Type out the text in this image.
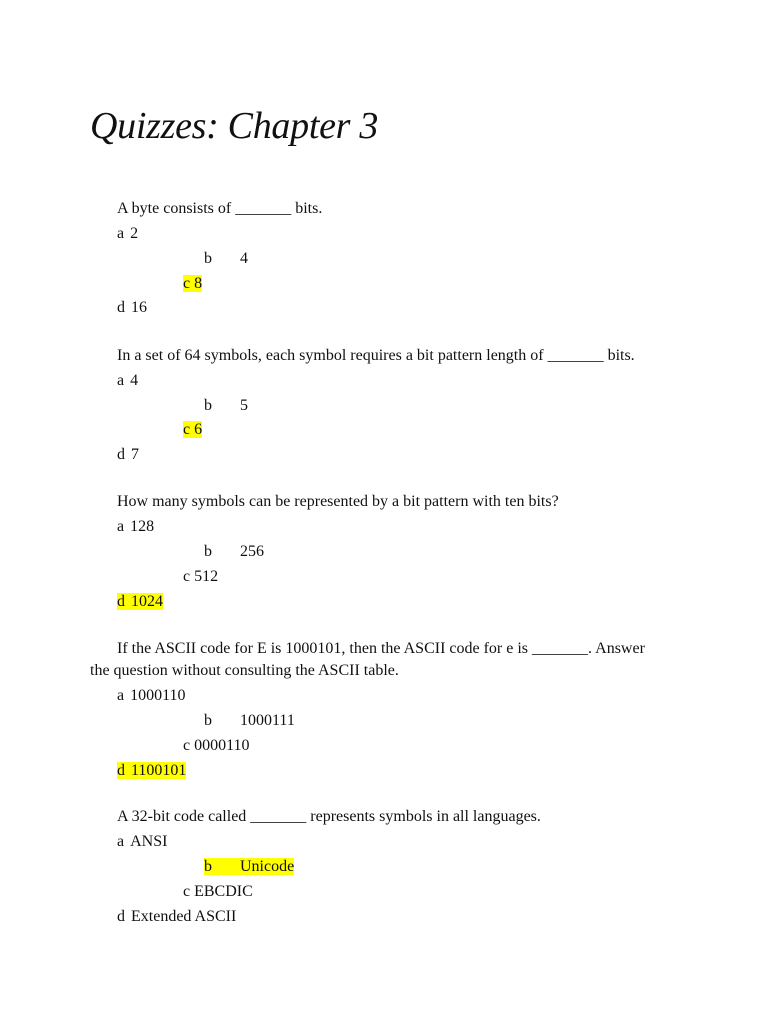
Quizzes: Chapter 3
A byte consists of _______ bits.
a 2
b 4
c 8
d 16
In a set of 64 symbols, each symbol requires a bit pattern length of _______ bits.
a 4
b 5
c 6
d 7
How many symbols can be represented by a bit pattern with ten bits?
a 128
b 256
c 512
d 1024
If the ASCII code for E is 1000101, then the ASCII code for e is _______. Answer
the question without consulting the ASCII table.
a 1000110
b 1000111
c 0000110
d 1100101
A 32-bit code called _______ represents symbols in all languages.
a ANSI
b Unicode
c EBCDIC
d Extended ASCII
